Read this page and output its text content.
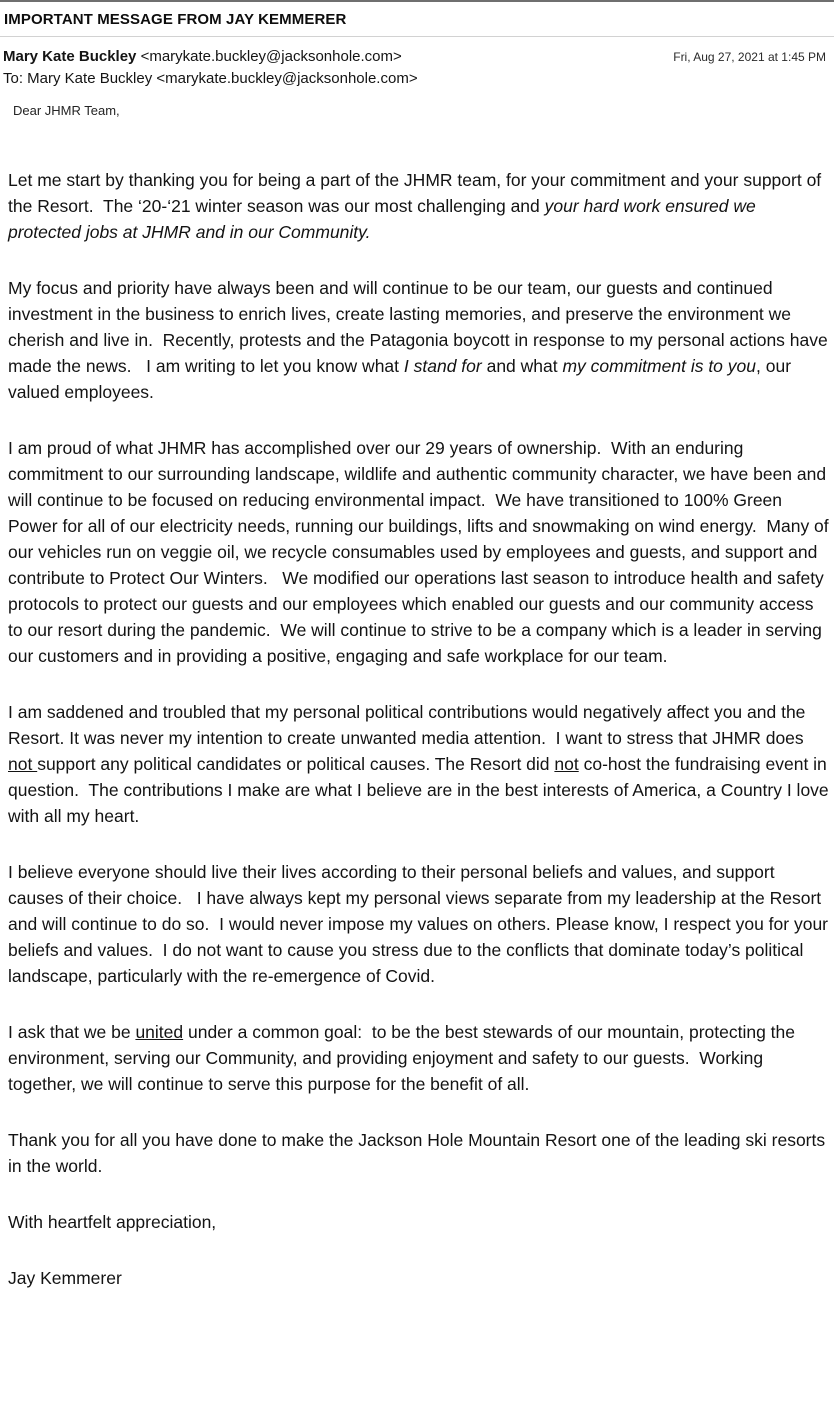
IMPORTANT MESSAGE FROM JAY KEMMERER
Mary Kate Buckley <marykate.buckley@jacksonhole.com>
To: Mary Kate Buckley <marykate.buckley@jacksonhole.com>
Fri, Aug 27, 2021 at 1:45 PM
Dear JHMR Team,

Let me start by thanking you for being a part of the JHMR team, for your commitment and your support of the Resort.  The ‘20-‘21 winter season was our most challenging and your hard work ensured we protected jobs at JHMR and in our Community.

My focus and priority have always been and will continue to be our team, our guests and continued investment in the business to enrich lives, create lasting memories, and preserve the environment we cherish and live in.  Recently, protests and the Patagonia boycott in response to my personal actions have made the news.   I am writing to let you know what I stand for and what my commitment is to you, our valued employees.

I am proud of what JHMR has accomplished over our 29 years of ownership.  With an enduring commitment to our surrounding landscape, wildlife and authentic community character, we have been and will continue to be focused on reducing environmental impact.  We have transitioned to 100% Green Power for all of our electricity needs, running our buildings, lifts and snowmaking on wind energy.  Many of our vehicles run on veggie oil, we recycle consumables used by employees and guests, and support and contribute to Protect Our Winters.   We modified our operations last season to introduce health and safety protocols to protect our guests and our employees which enabled our guests and our community access to our resort during the pandemic.  We will continue to strive to be a company which is a leader in serving our customers and in providing a positive, engaging and safe workplace for our team.

I am saddened and troubled that my personal political contributions would negatively affect you and the Resort. It was never my intention to create unwanted media attention.  I want to stress that JHMR does not support any political candidates or political causes. The Resort did not co-host the fundraising event in question.  The contributions I make are what I believe are in the best interests of America, a Country I love with all my heart.

I believe everyone should live their lives according to their personal beliefs and values, and support causes of their choice.   I have always kept my personal views separate from my leadership at the Resort and will continue to do so.  I would never impose my values on others. Please know, I respect you for your beliefs and values.  I do not want to cause you stress due to the conflicts that dominate today’s political landscape, particularly with the re-emergence of Covid.

I ask that we be united under a common goal:  to be the best stewards of our mountain, protecting the environment, serving our Community, and providing enjoyment and safety to our guests.  Working together, we will continue to serve this purpose for the benefit of all.

Thank you for all you have done to make the Jackson Hole Mountain Resort one of the leading ski resorts in the world.

With heartfelt appreciation,

Jay Kemmerer
